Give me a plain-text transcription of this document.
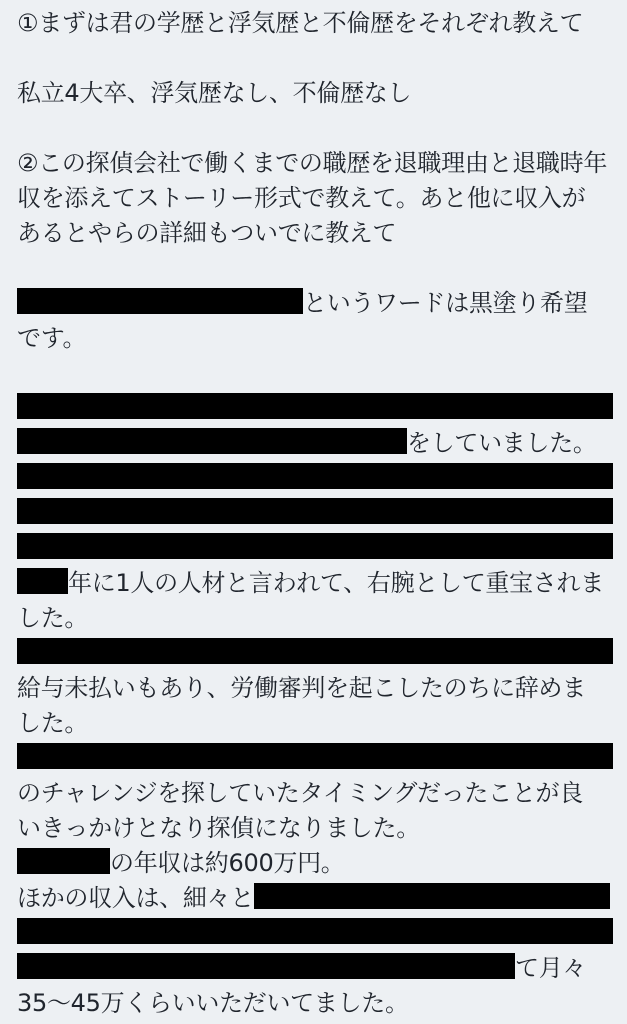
①まずは君の学歴と浮気歴と不倫歴をそれぞれ教えて
私立4大卒、浮気歴なし、不倫歴なし
②この探偵会社で働くまでの職歴を退職理由と退職時年
収を添えてストーリー形式で教えて。あと他に収入が
あるとやらの詳細もついでに教えて
というワードは黒塗り希望
です。
をしていました。
年に1人の人材と言われて、右腕として重宝されま
した。
給与未払いもあり、労働審判を起こしたのちに辞めま
した。
のチャレンジを探していたタイミングだったことが良
いきっかけとなり探偵になりました。
の年収は約600万円。
ほかの収入は、細々と
て月々
35〜45万くらいいただいてました。
